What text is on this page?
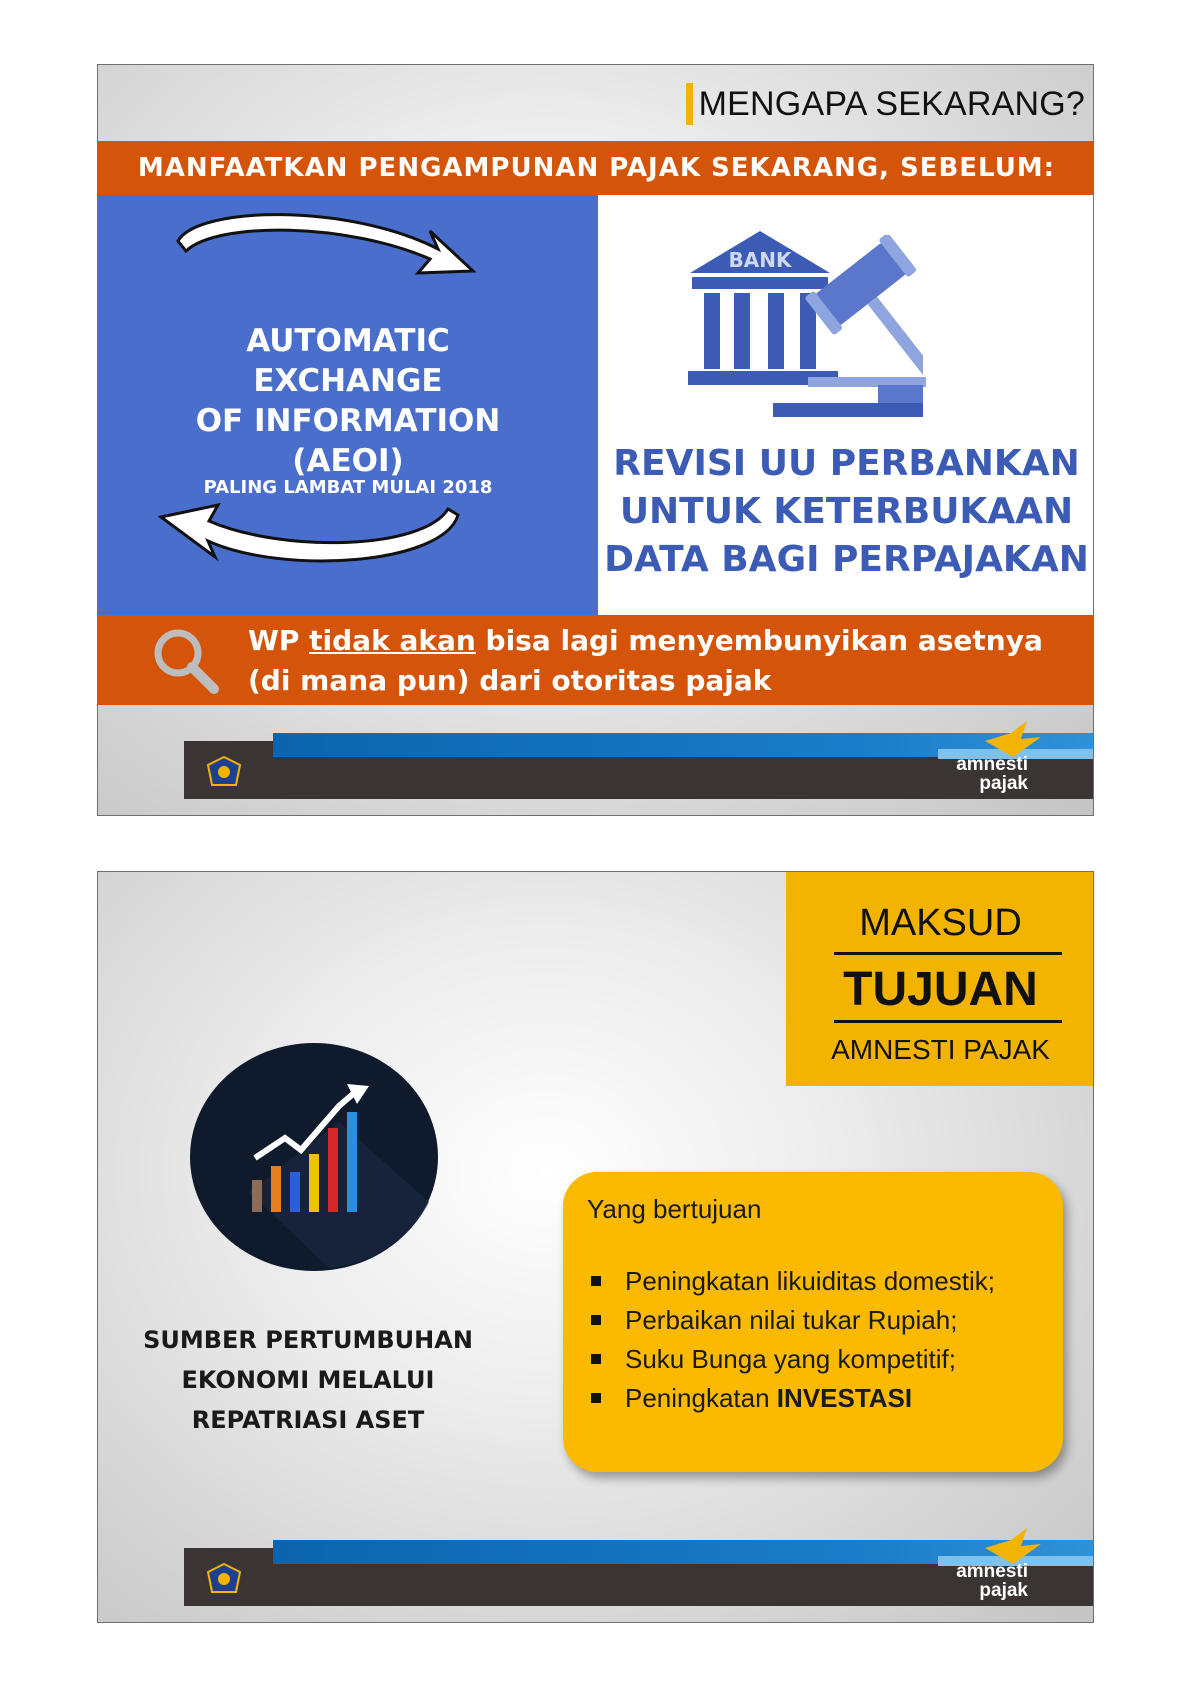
MENGAPA SEKARANG?
MANFAATKAN PENGAMPUNAN PAJAK SEKARANG, SEBELUM:
AUTOMATIC
EXCHANGE
OF INFORMATION
(AEOI)
PALING LAMBAT MULAI 2018
BANK
REVISI UU PERBANKAN
UNTUK KETERBUKAAN
DATA BAGI PERPAJAKAN
WP tidak akan bisa lagi menyembunyikan asetnya
(di mana pun) dari otoritas pajak
amnesti
pajak
MAKSUD
TUJUAN
AMNESTI PAJAK
SUMBER PERTUMBUHAN
EKONOMI MELALUI
REPATRIASI ASET
Yang bertujuan
Peningkatan likuiditas domestik;
Perbaikan nilai tukar Rupiah;
Suku Bunga yang kompetitif;
Peningkatan INVESTASI
amnesti
pajak
